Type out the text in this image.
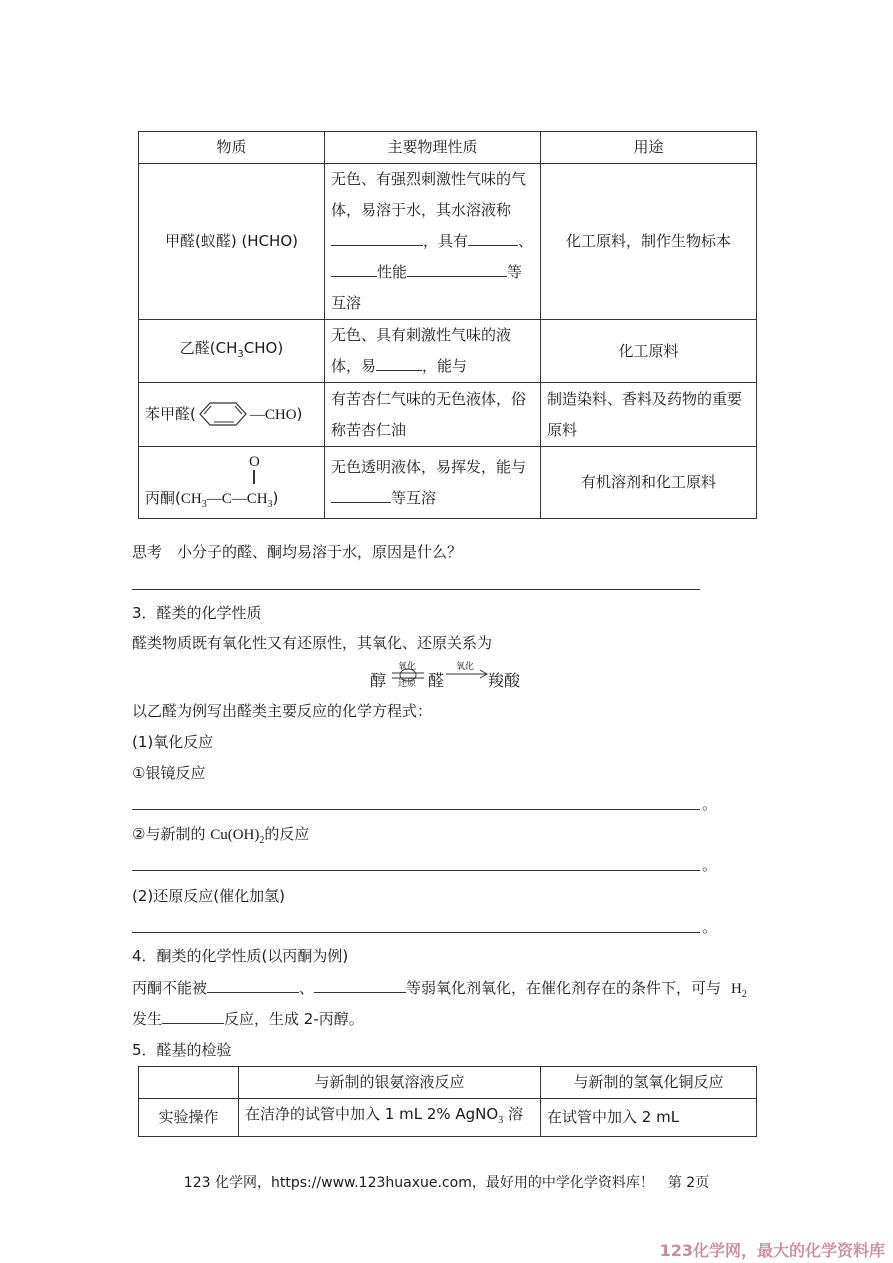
物质	主要物理性质	用途
甲醛(蚁醛) (HCHO)	无色、有强烈刺激性气味的气
体，易溶于水，其水溶液称
，具有 、
性能 等
互溶	化工原料，制作生物标本
乙醛$(CH_3CHO)$	无色、具有刺激性气味的液
体，易 ，能与	化工原料
苯甲醛( —CHO)	有苦杏仁气味的无色液体，俗
称苦杏仁油	制造染料、香料及药物的重要
原料

O
丙酮$(CH_3—C—CH_3)$	无色透明液体，易挥发，能与
等互溶	有机溶剂和化工原料
思考　小分子的醛、酮均易溶于水，原因是什么？
3．醛类的化学性质
醛类物质既有氧化性又有还原性，其氧化、还原关系为
醇
氧化
还原 ⇌ 醛
氧化
羧酸
以乙醛为例写出醛类主要反应的化学方程式：
(1)氧化反应
①银镜反应
。
②与新制的 $Cu(OH)_2$的反应
。
(2)还原反应(催化加氢)
。
4．酮类的化学性质(以丙酮为例)
丙酮不能被	、	等弱氧化剂氧化，在催化剂存在的条件下，可与 $H_2$
发生	反应，生成 2-丙醇。
5．醛基的检验
	与新制的银氨溶液反应	与新制的氢氧化铜反应
实验操作	在洁净的试管中加入 1 mL 2% AgNO$_3$ 溶	在试管中加入 2 mL
123 化学网，https://www.123huaxue.com，最好用的中学化学资料库！　第 2页
123化学网，最大的化学资料库
